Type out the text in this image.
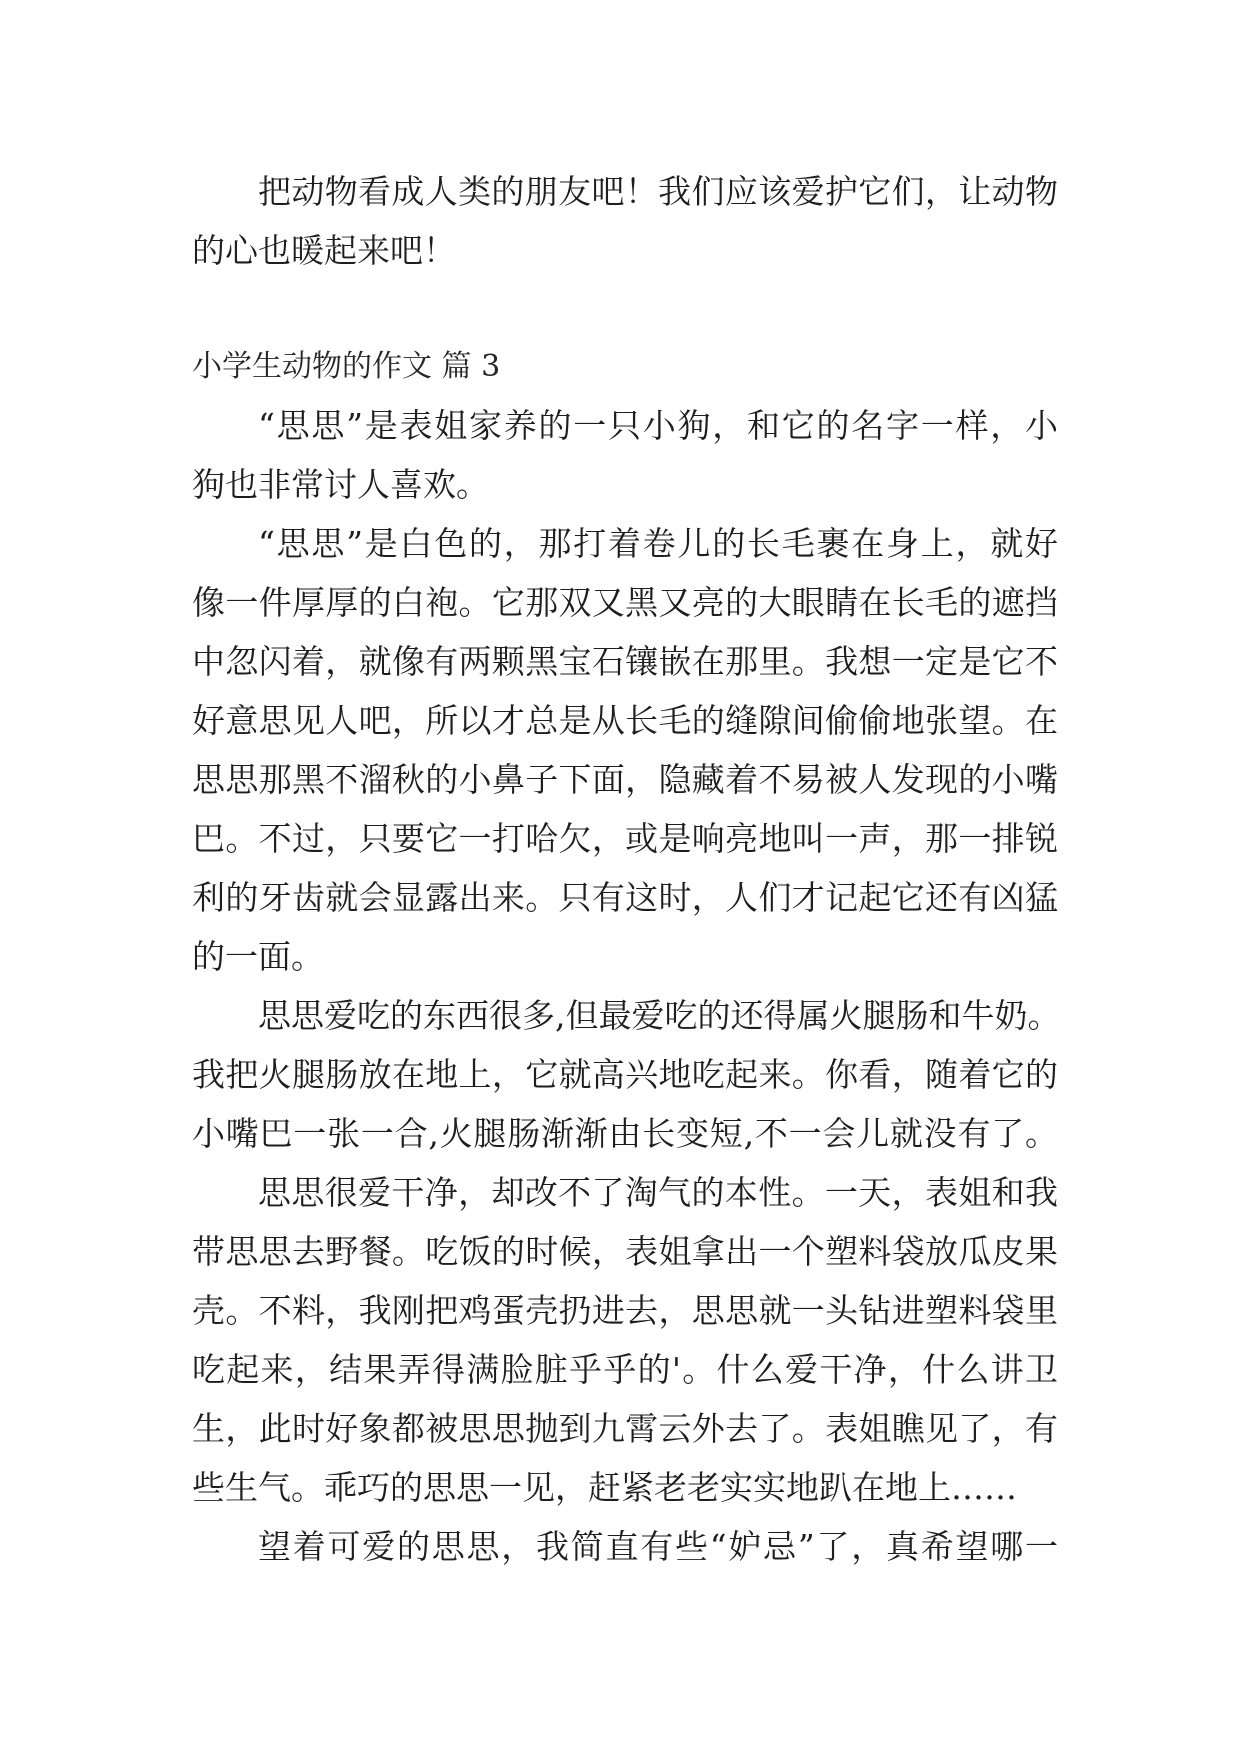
把动物看成人类的朋友吧！我们应该爱护它们，让动物
的心也暖起来吧！
小学生动物的作文 篇 3
“思思”是表姐家养的一只小狗，和它的名字一样，小
狗也非常讨人喜欢。
“思思”是白色的，那打着卷儿的长毛裹在身上，就好
像一件厚厚的白袍。它那双又黑又亮的大眼睛在长毛的遮挡
中忽闪着，就像有两颗黑宝石镶嵌在那里。我想一定是它不
好意思见人吧，所以才总是从长毛的缝隙间偷偷地张望。在
思思那黑不溜秋的小鼻子下面，隐藏着不易被人发现的小嘴
巴。不过，只要它一打哈欠，或是响亮地叫一声，那一排锐
利的牙齿就会显露出来。只有这时，人们才记起它还有凶猛
的一面。
思思爱吃的东西很多,但最爱吃的还得属火腿肠和牛奶。
我把火腿肠放在地上，它就高兴地吃起来。你看，随着它的
小嘴巴一张一合,火腿肠渐渐由长变短,不一会儿就没有了。
思思很爱干净，却改不了淘气的本性。一天，表姐和我
带思思去野餐。吃饭的时候，表姐拿出一个塑料袋放瓜皮果
壳。不料，我刚把鸡蛋壳扔进去，思思就一头钻进塑料袋里
吃起来，结果弄得满脸脏乎乎的'。什么爱干净，什么讲卫
生，此时好象都被思思抛到九霄云外去了。表姐瞧见了，有
些生气。乖巧的思思一见，赶紧老老实实地趴在地上……
望着可爱的思思，我简直有些“妒忌”了，真希望哪一
